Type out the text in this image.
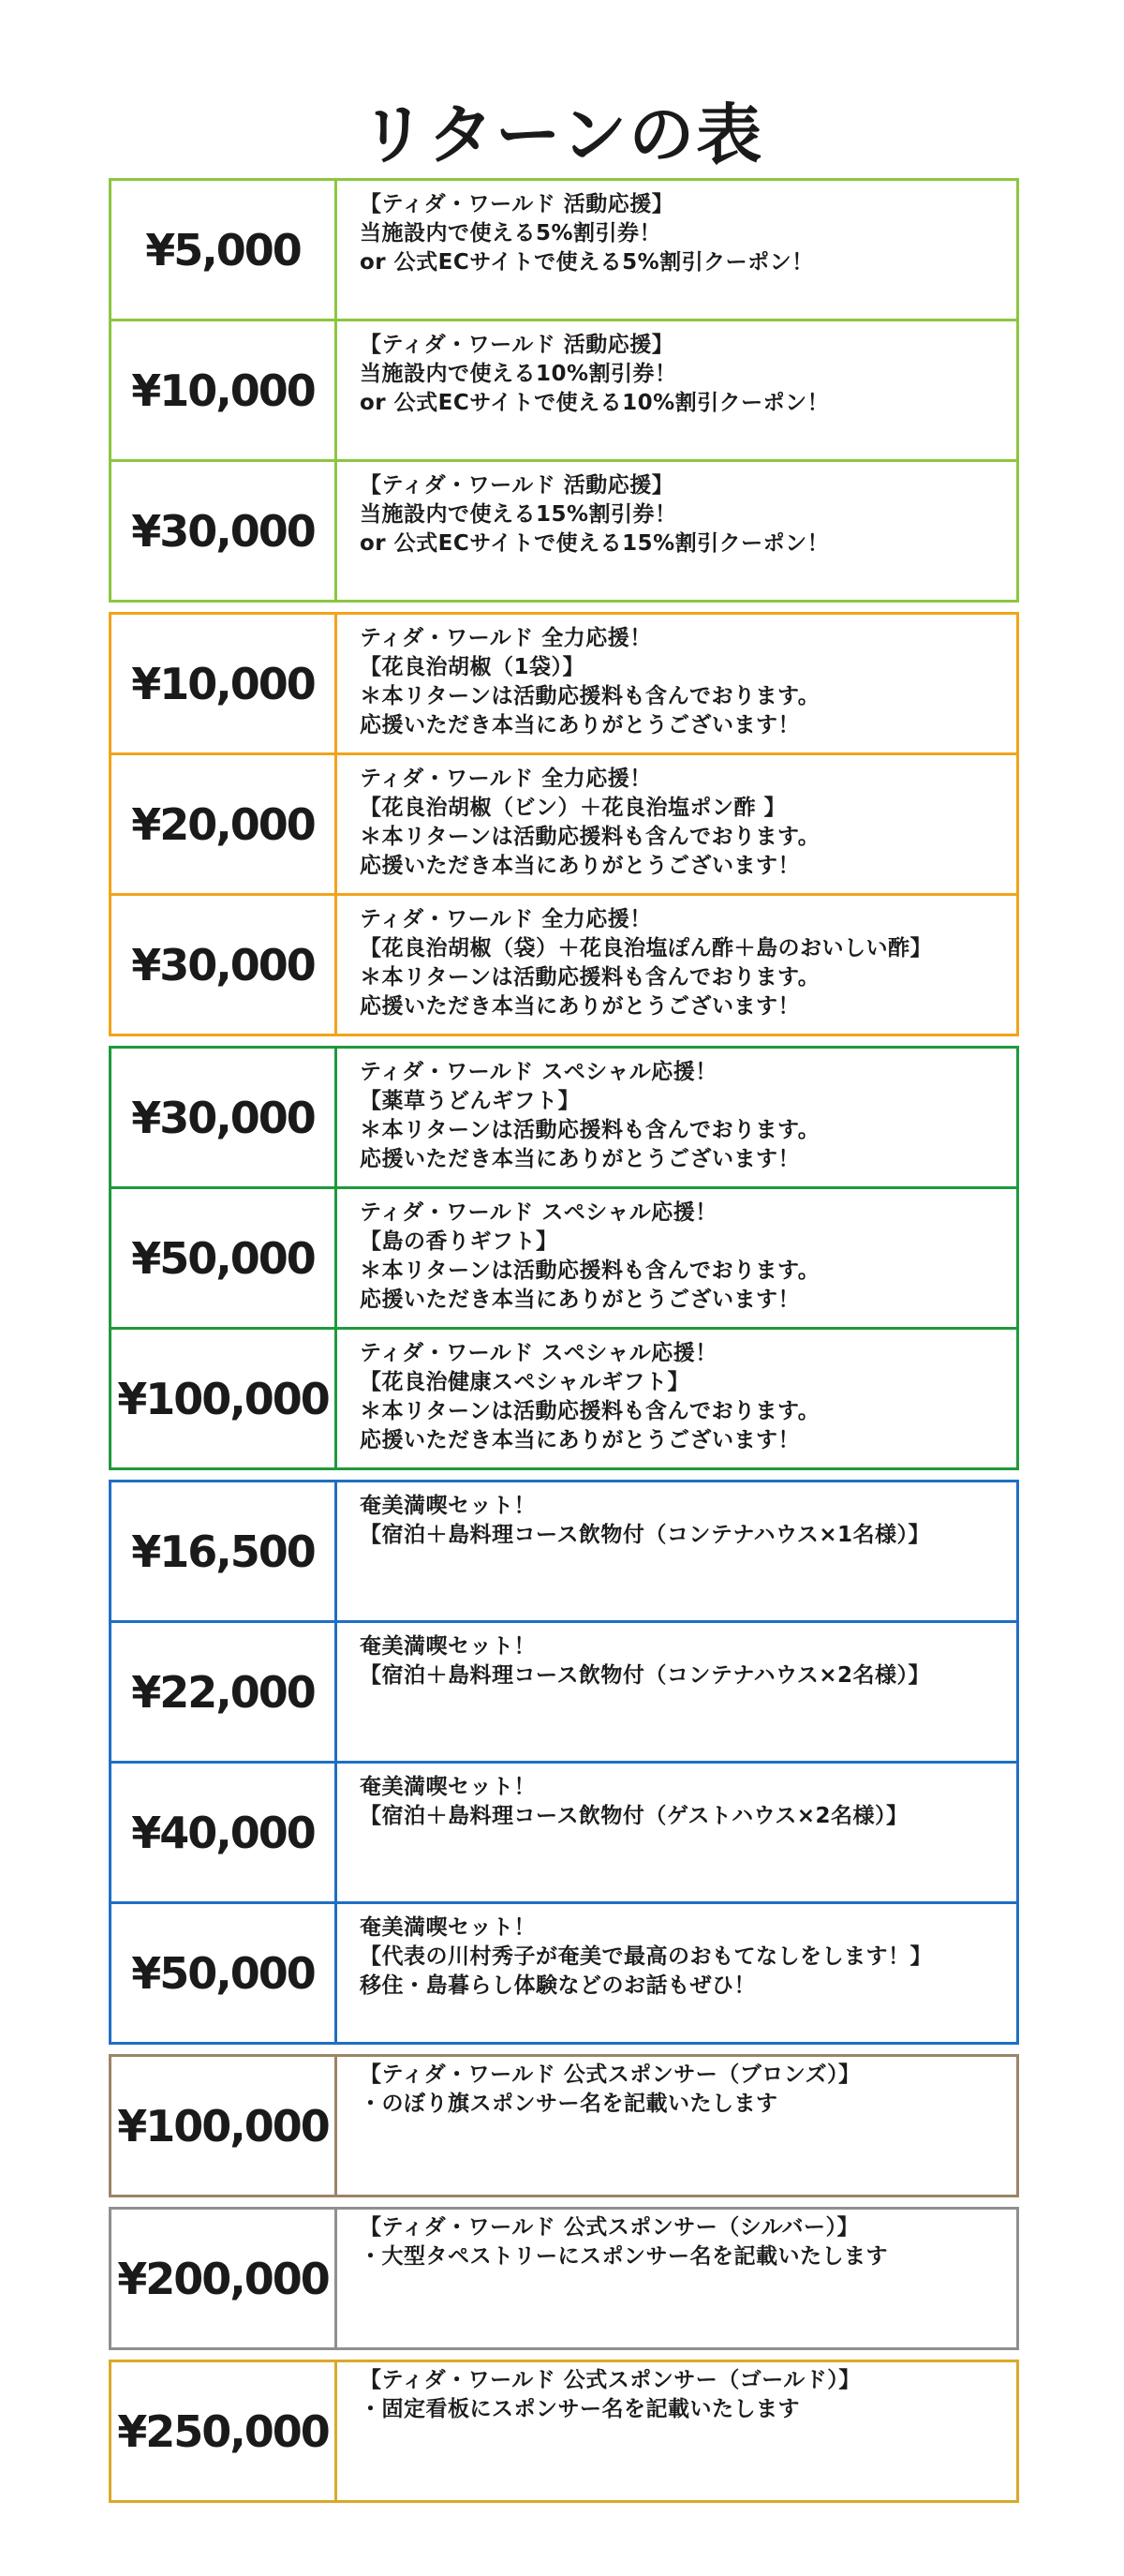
リターンの表
¥5,000
【ティダ・ワールド 活動応援】
当施設内で使える5%割引券！
or 公式ECサイトで使える5%割引クーポン！
¥10,000
【ティダ・ワールド 活動応援】
当施設内で使える10%割引券！
or 公式ECサイトで使える10%割引クーポン！
¥30,000
【ティダ・ワールド 活動応援】
当施設内で使える15%割引券！
or 公式ECサイトで使える15%割引クーポン！
¥10,000
ティダ・ワールド 全力応援！
【花良治胡椒（1袋）】
＊本リターンは活動応援料も含んでおります。
応援いただき本当にありがとうございます！
¥20,000
ティダ・ワールド 全力応援！
【花良治胡椒（ビン）＋花良治塩ポン酢 】
＊本リターンは活動応援料も含んでおります。
応援いただき本当にありがとうございます！
¥30,000
ティダ・ワールド 全力応援！
【花良治胡椒（袋）＋花良治塩ぽん酢＋島のおいしい酢】
＊本リターンは活動応援料も含んでおります。
応援いただき本当にありがとうございます！
¥30,000
ティダ・ワールド スペシャル応援！
【薬草うどんギフト】
＊本リターンは活動応援料も含んでおります。
応援いただき本当にありがとうございます！
¥50,000
ティダ・ワールド スペシャル応援！
【島の香りギフト】
＊本リターンは活動応援料も含んでおります。
応援いただき本当にありがとうございます！
¥100,000
ティダ・ワールド スペシャル応援！
【花良治健康スペシャルギフト】
＊本リターンは活動応援料も含んでおります。
応援いただき本当にありがとうございます！
¥16,500
奄美満喫セット！
【宿泊＋島料理コース飲物付（コンテナハウス×1名様）】
¥22,000
奄美満喫セット！
【宿泊＋島料理コース飲物付（コンテナハウス×2名様）】
¥40,000
奄美満喫セット！
【宿泊＋島料理コース飲物付（ゲストハウス×2名様）】
¥50,000
奄美満喫セット！
【代表の川村秀子が奄美で最高のおもてなしをします！】
移住・島暮らし体験などのお話もぜひ！
¥100,000
【ティダ・ワールド 公式スポンサー（ブロンズ）】
・のぼり旗スポンサー名を記載いたします
¥200,000
【ティダ・ワールド 公式スポンサー（シルバー）】
・大型タペストリーにスポンサー名を記載いたします
¥250,000
【ティダ・ワールド 公式スポンサー（ゴールド）】
・固定看板にスポンサー名を記載いたします
